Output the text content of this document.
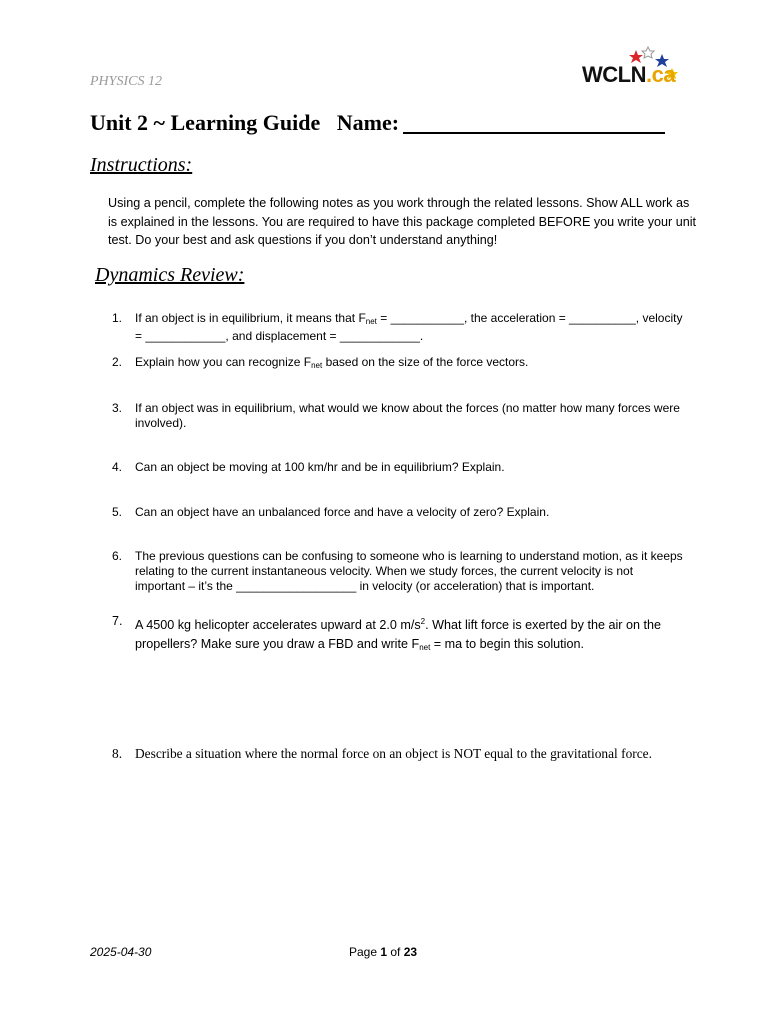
PHYSICS 12	WCLN.ca
Unit 2 ~ Learning Guide Name:
Instructions:
Using a pencil, complete the following notes as you work through the related lessons. Show ALL work as is explained in the lessons. You are required to have this package completed BEFORE you write your unit test. Do your best and ask questions if you don’t understand anything!
Dynamics Review:
1.	If an object is in equilibrium, it means that $F_{net}$ = ___________, the acceleration = __________, velocity = ____________, and displacement = ____________.
2.	Explain how you can recognize $F_{net}$ based on the size of the force vectors.
3.	If an object was in equilibrium, what would we know about the forces (no matter how many forces were involved).
4.	Can an object be moving at 100 km/hr and be in equilibrium? Explain.
5.	Can an object have an unbalanced force and have a velocity of zero? Explain.
6.	The previous questions can be confusing to someone who is learning to understand motion, as it keeps relating to the current instantaneous velocity. When we study forces, the current velocity is not important – it’s the __________________ in velocity (or acceleration) that is important.
7. A 4500 kg helicopter accelerates upward at 2.0 $m/s^2$. What lift force is exerted by the air on the propellers? Make sure you draw a FBD and write $F_{net}$ = ma to begin this solution.
8. Describe a situation where the normal force on an object is NOT equal to the gravitational force.
2025-04-30	Page 1 of 23
